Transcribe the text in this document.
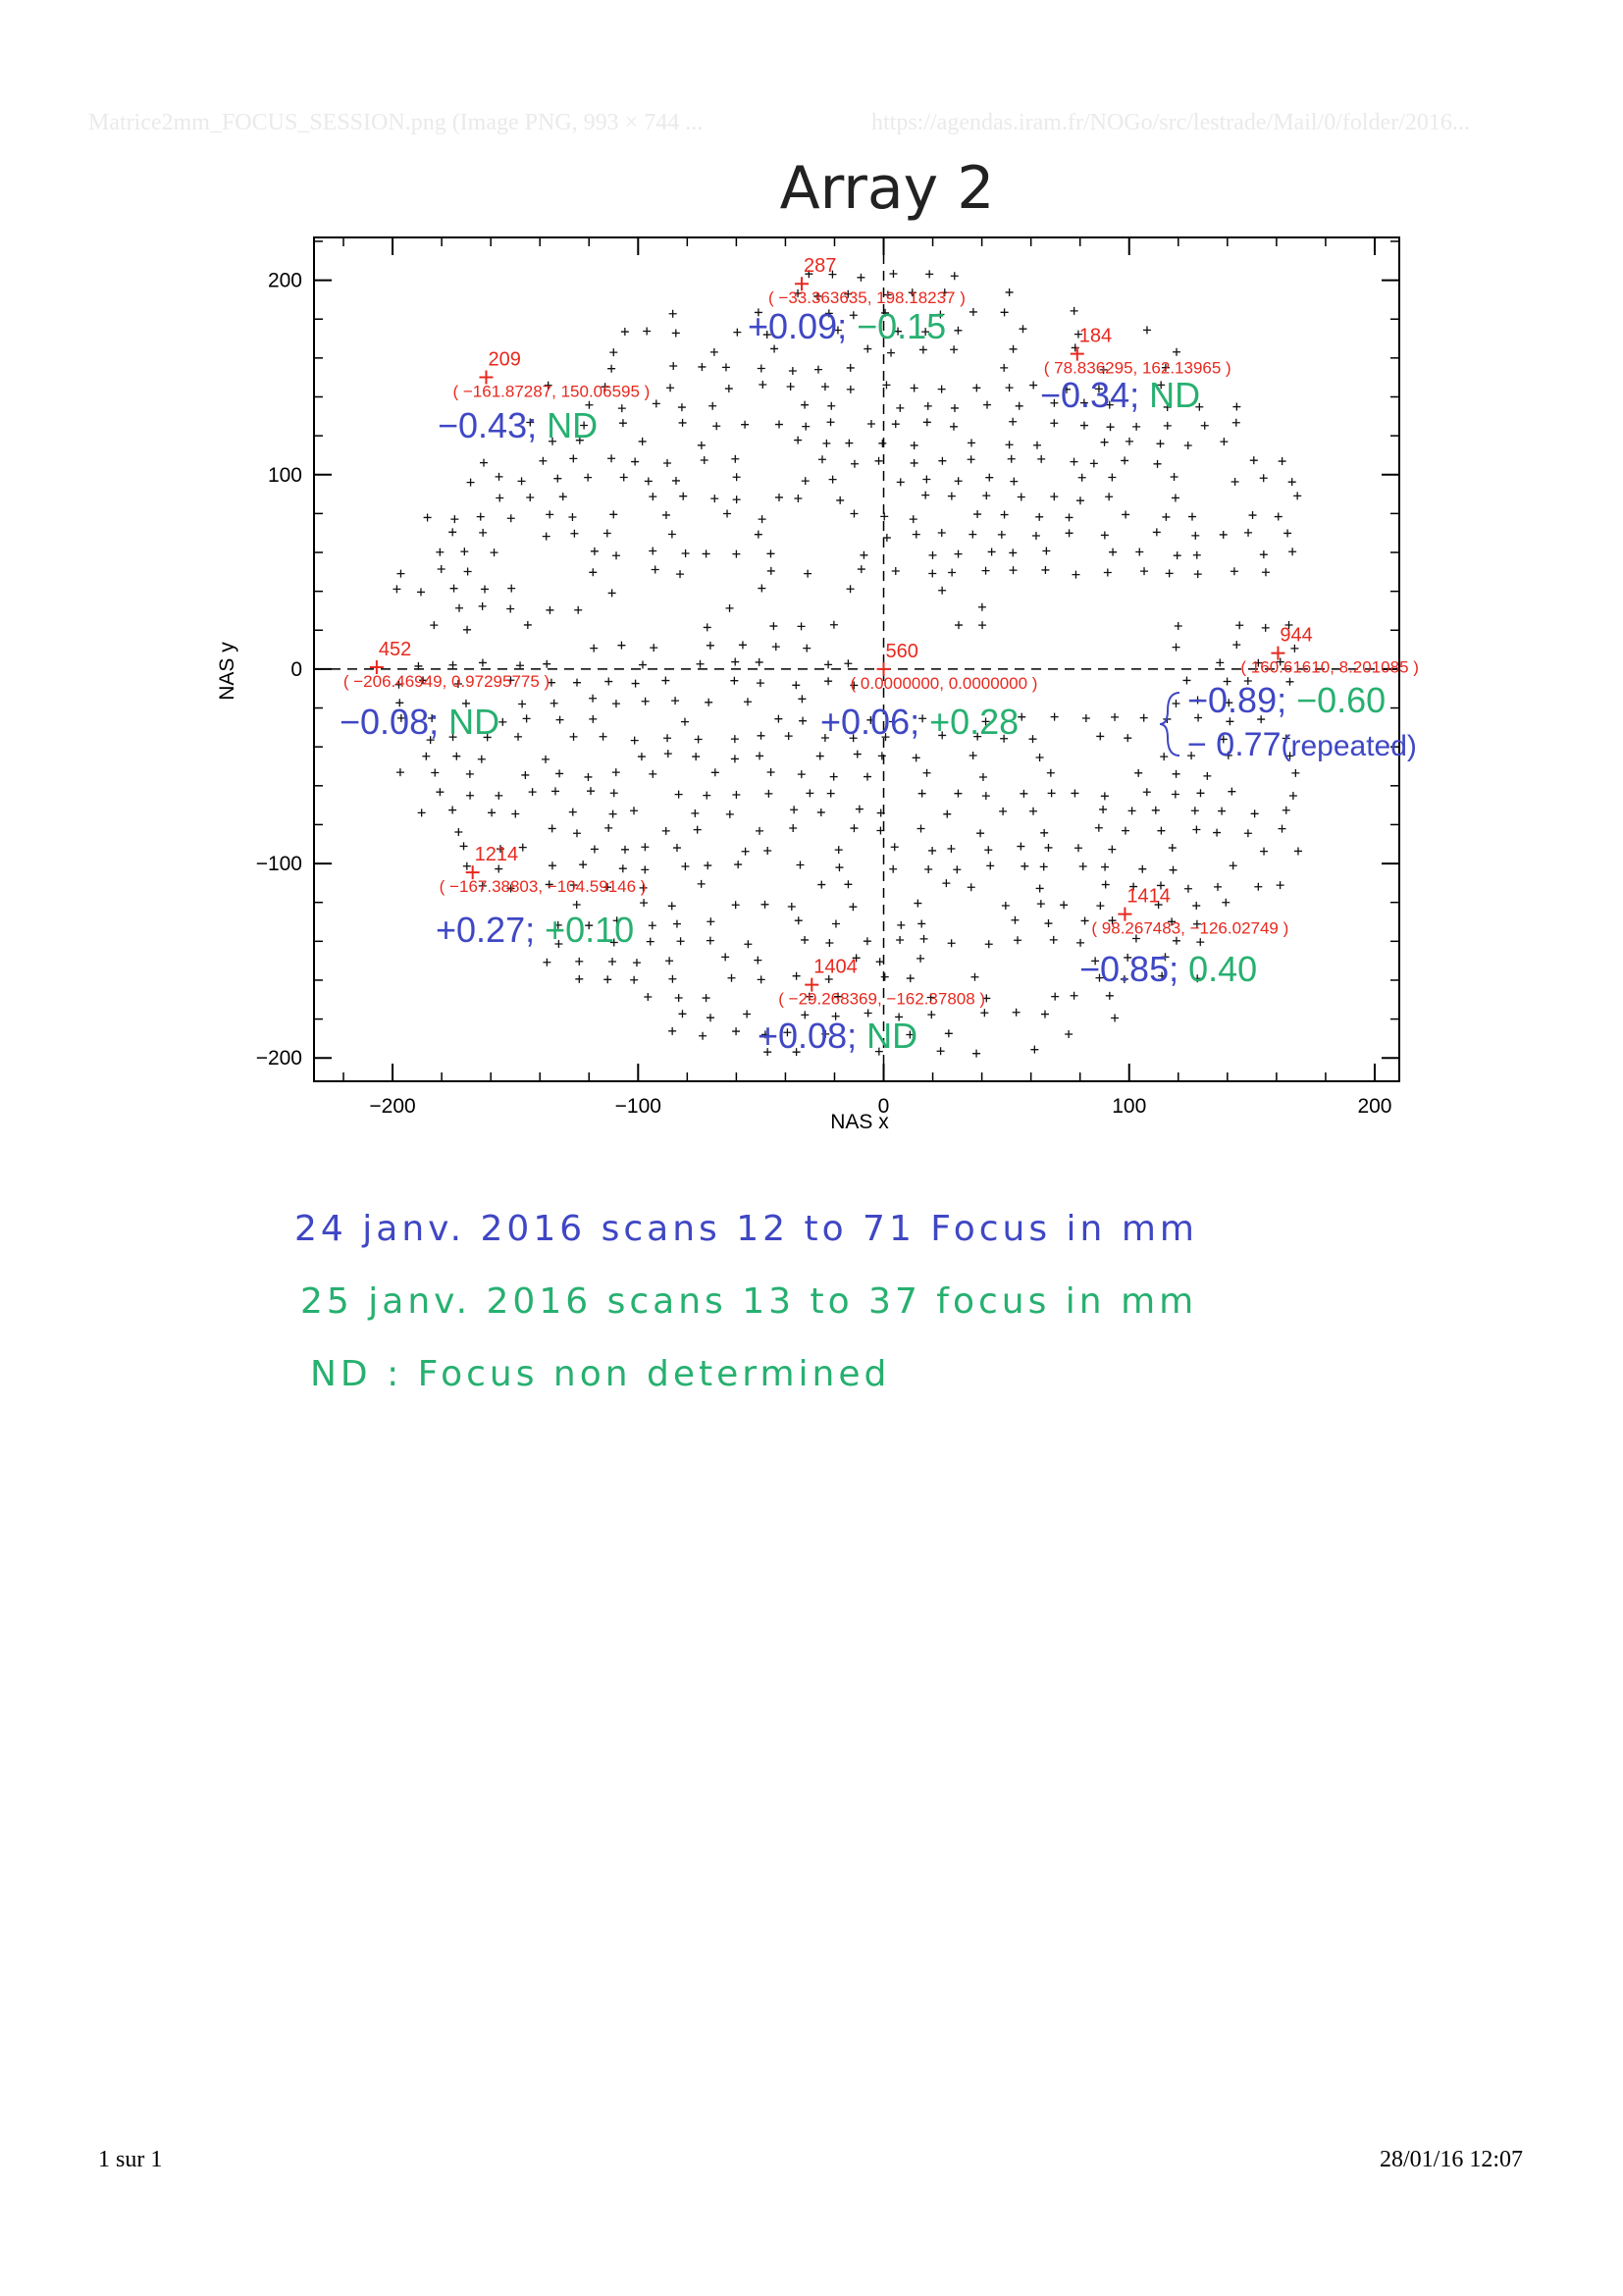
Matrice2mm_FOCUS_SESSION.png (Image PNG, 993 × 744 ...	https://agendas.iram.fr/NOGo/src/lestrade/Mail/0/folder/2016...
Array 2
−200	−100	0	100	200
200
100
0
−100
−200
287
( −33.363635, 198.18237 )
184
( 78.836295, 162.13965 )
209
( −161.87287, 150.06595 )
452
( −206.46949, 0.97295775 )
560
( 0.0000000, 0.0000000 )
944
( 160.61610, 8.201085 )
1214
( −167.38803, −104.59146 )	1414
( 98.267483, −126.02749 )
1404
( −29.268369, −162.37808 )
+0.09; −0.15
−0.34; ND
−0.43; ND
−0.08; ND	+0.06; +0.28
−0.89; −0.60
− 0.77(repeated)
+0.27; +0.10
−0.85; 0.40
+0.08; ND
NAS x
NAS y
24 janv. 2016 scans 12 to 71 Focus in mm
25 janv. 2016 scans 13 to 37 focus in mm
ND : Focus non determined
1 sur 1	28/01/16 12:07
